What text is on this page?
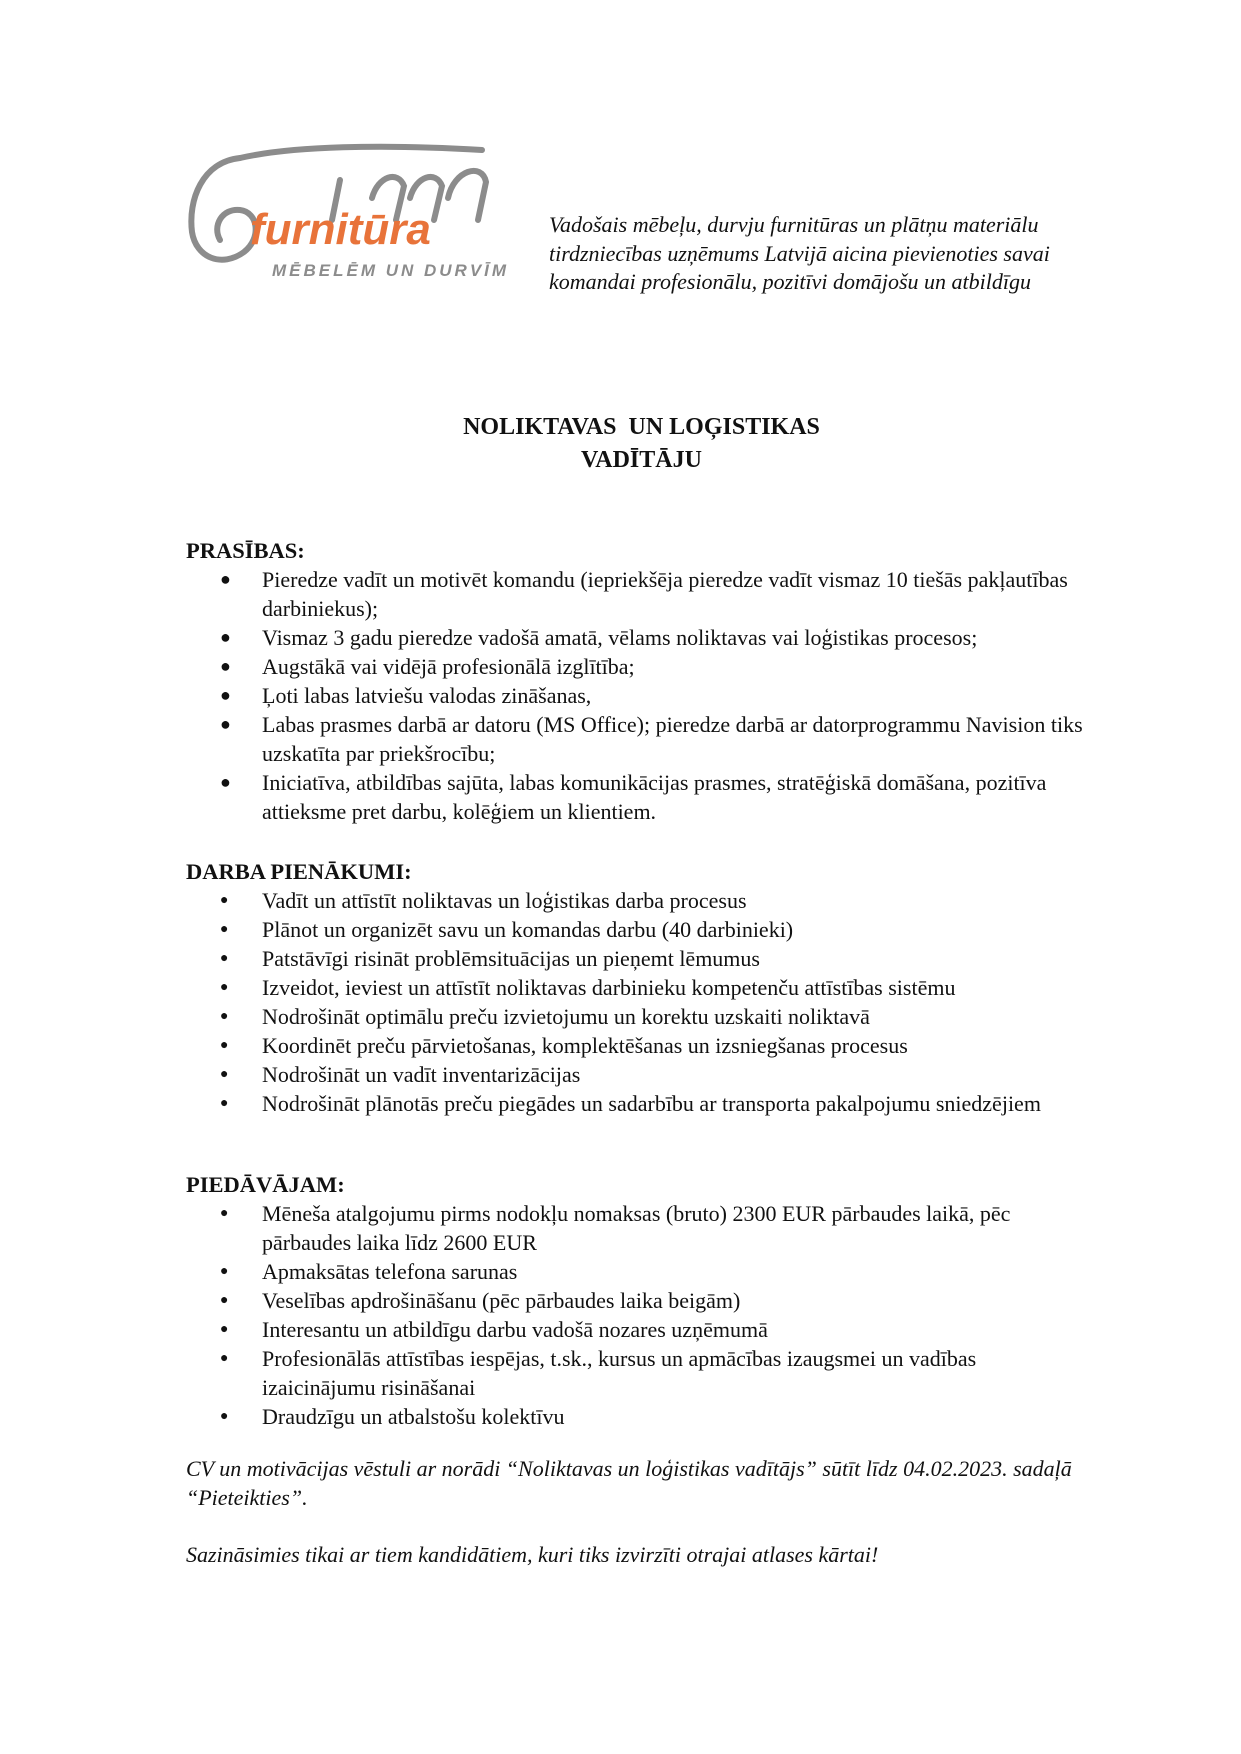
furnitūra
MĒBELĒM UN DURVĪM

Vadošais mēbeļu, durvju furnitūras un plātņu materiālu tirdzniecības uzņēmums Latvijā aicina pievienoties savai komandai profesionālu, pozitīvi domājošu un atbildīgu

NOLIKTAVAS  UN LOĢISTIKAS
VADĪTĀJU

PRASĪBAS:

● Pieredze vadīt un motivēt komandu (iepriekšēja pieredze vadīt vismaz 10 tiešās pakļautības darbiniekus);
● Vismaz 3 gadu pieredze vadošā amatā, vēlams noliktavas vai loģistikas procesos;
● Augstākā vai vidējā profesionālā izglītība;
● Ļoti labas latviešu valodas zināšanas,
● Labas prasmes darbā ar datoru (MS Office); pieredze darbā ar datorprogrammu Navision tiks uzskatīta par priekšrocību;
● Iniciatīva, atbildības sajūta, labas komunikācijas prasmes, stratēģiskā domāšana, pozitīva attieksme pret darbu, kolēģiem un klientiem.

DARBA PIENĀKUMI:

● Vadīt un attīstīt noliktavas un loģistikas darba procesus
● Plānot un organizēt savu un komandas darbu (40 darbinieki)
● Patstāvīgi risināt problēmsituācijas un pieņemt lēmumus
● Izveidot, ieviest un attīstīt noliktavas darbinieku kompetenču attīstības sistēmu
● Nodrošināt optimālu preču izvietojumu un korektu uzskaiti noliktavā
● Koordinēt preču pārvietošanas, komplektēšanas un izsniegšanas procesus
● Nodrošināt un vadīt inventarizācijas
● Nodrošināt plānotās preču piegādes un sadarbību ar transporta pakalpojumu sniedzējiem

PIEDĀVĀJAM:

● Mēneša atalgojumu pirms nodokļu nomaksas (bruto) 2300 EUR pārbaudes laikā, pēc pārbaudes laika līdz 2600 EUR
● Apmaksātas telefona sarunas
● Veselības apdrošināšanu (pēc pārbaudes laika beigām)
● Interesantu un atbildīgu darbu vadošā nozares uzņēmumā
● Profesionālās attīstības iespējas, t.sk., kursus un apmācības izaugsmei un vadības izaicinājumu risināšanai
● Draudzīgu un atbalstošu kolektīvu

CV un motivācijas vēstuli ar norādi “Noliktavas un loģistikas vadītājs” sūtīt līdz 04.02.2023. sadaļā “Pieteikties”.

Sazināsimies tikai ar tiem kandidātiem, kuri tiks izvirzīti otrajai atlases kārtai!
